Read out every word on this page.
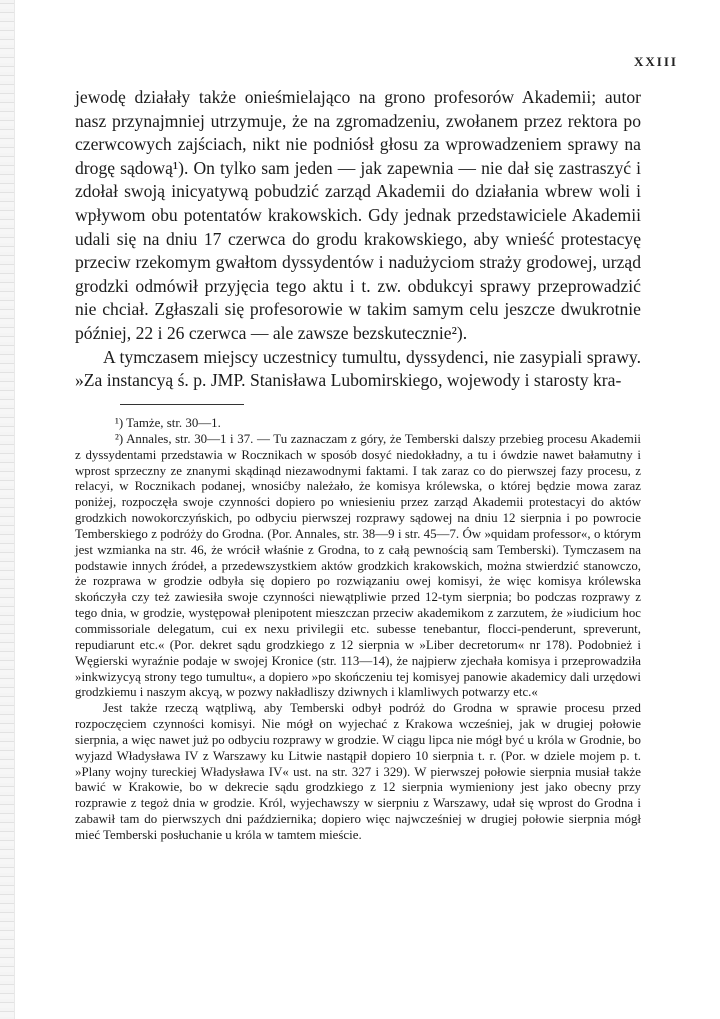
XXIII

jewodę działały także onieśmielająco na grono profesorów Akademii; autor nasz przynajmniej utrzymuje, że na zgromadzeniu, zwołanem przez rektora po czerwcowych zajściach, nikt nie podniósł głosu za wprowadzeniem sprawy na drogę sądową¹). On tylko sam jeden — jak zapewnia — nie dał się zastraszyć i zdołał swoją inicyatywą pobudzić zarząd Akademii do działania wbrew woli i wpływom obu potentatów krakowskich. Gdy jednak przedstawiciele Akademii udali się na dniu 17 czerwca do grodu krakowskiego, aby wnieść protestacyę przeciw rzekomym gwałtom dyssydentów i nadużyciom straży grodowej, urząd grodzki odmówił przyjęcia tego aktu i t. zw. obdukcyi sprawy przeprowadzić nie chciał. Zgłaszali się profesorowie w takim samym celu jeszcze dwukrotnie później, 22 i 26 czerwca — ale zawsze bezskutecznie²).

A tymczasem miejscy uczestnicy tumultu, dyssydenci, nie zasypiali sprawy. »Za instancyą ś. p. JMP. Stanisława Lubomirskiego, wojewody i starosty kra-

¹) Tamże, str. 30—1.

²) Annales, str. 30—1 i 37. — Tu zaznaczam z góry, że Temberski dalszy przebieg procesu Akademii z dyssydentami przedstawia w Rocznikach w sposób dosyć niedokładny, a tu i ówdzie nawet bałamutny i wprost sprzeczny ze znanymi skądinąd niezawodnymi faktami. I tak zaraz co do pierwszej fazy procesu, z relacyi, w Rocznikach podanej, wnosićby należało, że komisya królewska, o której będzie mowa zaraz poniżej, rozpoczęła swoje czynności dopiero po wniesieniu przez zarząd Akademii protestacyi do aktów grodzkich nowokorczyńskich, po odbyciu pierwszej rozprawy sądowej na dniu 12 sierpnia i po powrocie Temberskiego z podróży do Grodna. (Por. Annales, str. 38—9 i str. 45—7. Ów »quidam professor«, o którym jest wzmianka na str. 46, że wrócił właśnie z Grodna, to z całą pewnością sam Temberski). Tymczasem na podstawie innych źródeł, a przedewszystkiem aktów grodzkich krakowskich, można stwierdzić stanowczo, że rozprawa w grodzie odbyła się dopiero po rozwiązaniu owej komisyi, że więc komisya królewska skończyła czy też zawiesiła swoje czynności niewątpliwie przed 12-tym sierpnia; bo podczas rozprawy z tego dnia, w grodzie, występował plenipotent mieszczan przeciw akademikom z zarzutem, że »iudicium hoc commissoriale delegatum, cui ex nexu privilegii etc. subesse tenebantur, flocci-penderunt, spreverunt, repudiarunt etc.« (Por. dekret sądu grodzkiego z 12 sierpnia w »Liber decretorum« nr 178). Podobnież i Węgierski wyraźnie podaje w swojej Kronice (str. 113—14), że najpierw zjechała komisya i przeprowadziła »inkwizycyą strony tego tumultu«, a dopiero »po skończeniu tej komisyej panowie akademicy dali urzędowi grodzkiemu i naszym akcyą, w pozwy nakładliszy dziwnych i klamliwych potwarzy etc.«

Jest także rzeczą wątpliwą, aby Temberski odbył podróż do Grodna w sprawie procesu przed rozpoczęciem czynności komisyi. Nie mógł on wyjechać z Krakowa wcześniej, jak w drugiej połowie sierpnia, a więc nawet już po odbyciu rozprawy w grodzie. W ciągu lipca nie mógł być u króla w Grodnie, bo wyjazd Władysława IV z Warszawy ku Litwie nastąpił dopiero 10 sierpnia t. r. (Por. w dziele mojem p. t. »Plany wojny tureckiej Władysława IV« ust. na str. 327 i 329). W pierwszej połowie sierpnia musiał także bawić w Krakowie, bo w dekrecie sądu grodzkiego z 12 sierpnia wymieniony jest jako obecny przy rozprawie z tegoż dnia w grodzie. Król, wyjechawszy w sierpniu z Warszawy, udał się wprost do Grodna i zabawił tam do pierwszych dni października; dopiero więc najwcześniej w drugiej połowie sierpnia mógł mieć Temberski posłuchanie u króla w tamtem mieście.
